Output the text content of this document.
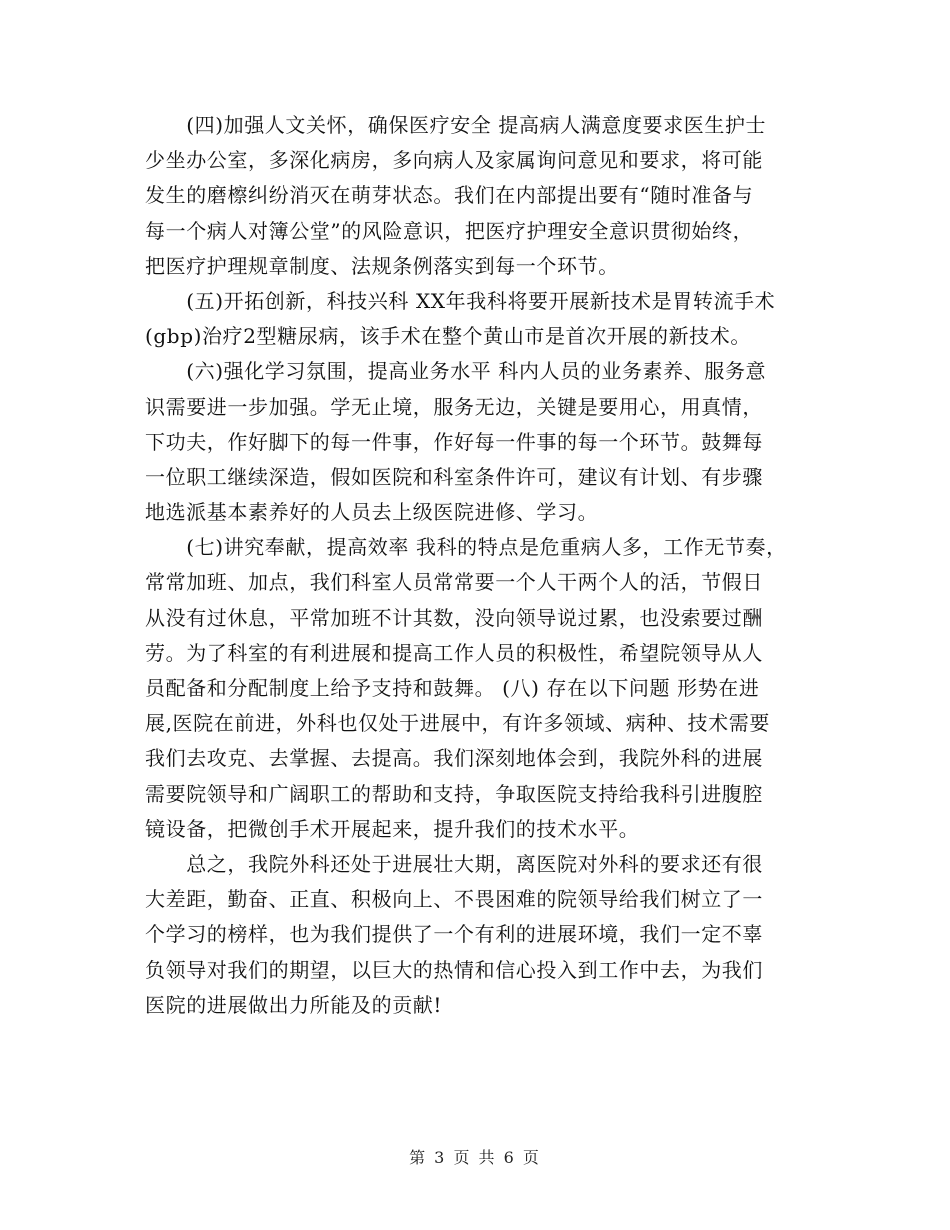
　　(四)加强人文关怀，确保医疗安全 提高病人满意度要求医生护士
少坐办公室，多深化病房，多向病人及家属询问意见和要求，将可能
发生的磨檫纠纷消灭在萌芽状态。我们在内部提出要有“随时准备与
每一个病人对簿公堂”的风险意识，把医疗护理安全意识贯彻始终，
把医疗护理规章制度、法规条例落实到每一个环节。
　　(五)开拓创新，科技兴科 XX年我科将要开展新技术是胃转流手术
(gbp)治疗2型糖尿病，该手术在整个黄山市是首次开展的新技术。
　　(六)强化学习氛围，提高业务水平 科内人员的业务素养、服务意
识需要进一步加强。学无止境，服务无边，关键是要用心，用真情，
下功夫，作好脚下的每一件事，作好每一件事的每一个环节。鼓舞每
一位职工继续深造，假如医院和科室条件许可，建议有计划、有步骤
地选派基本素养好的人员去上级医院进修、学习。
　　(七)讲究奉献，提高效率 我科的特点是危重病人多，工作无节奏，
常常加班、加点，我们科室人员常常要一个人干两个人的活，节假日
从没有过休息，平常加班不计其数，没向领导说过累，也没索要过酬
劳。为了科室的有利进展和提高工作人员的积极性，希望院领导从人
员配备和分配制度上给予支持和鼓舞。 (八) 存在以下问题 形势在进
展,医院在前进，外科也仅处于进展中，有许多领域、病种、技术需要
我们去攻克、去掌握、去提高。我们深刻地体会到，我院外科的进展
需要院领导和广阔职工的帮助和支持，争取医院支持给我科引进腹腔
镜设备，把微创手术开展起来，提升我们的技术水平。
　　总之，我院外科还处于进展壮大期，离医院对外科的要求还有很
大差距，勤奋、正直、积极向上、不畏困难的院领导给我们树立了一
个学习的榜样，也为我们提供了一个有利的进展环境，我们一定不辜
负领导对我们的期望，以巨大的热情和信心投入到工作中去，为我们
医院的进展做出力所能及的贡献!
第 3 页 共 6 页
